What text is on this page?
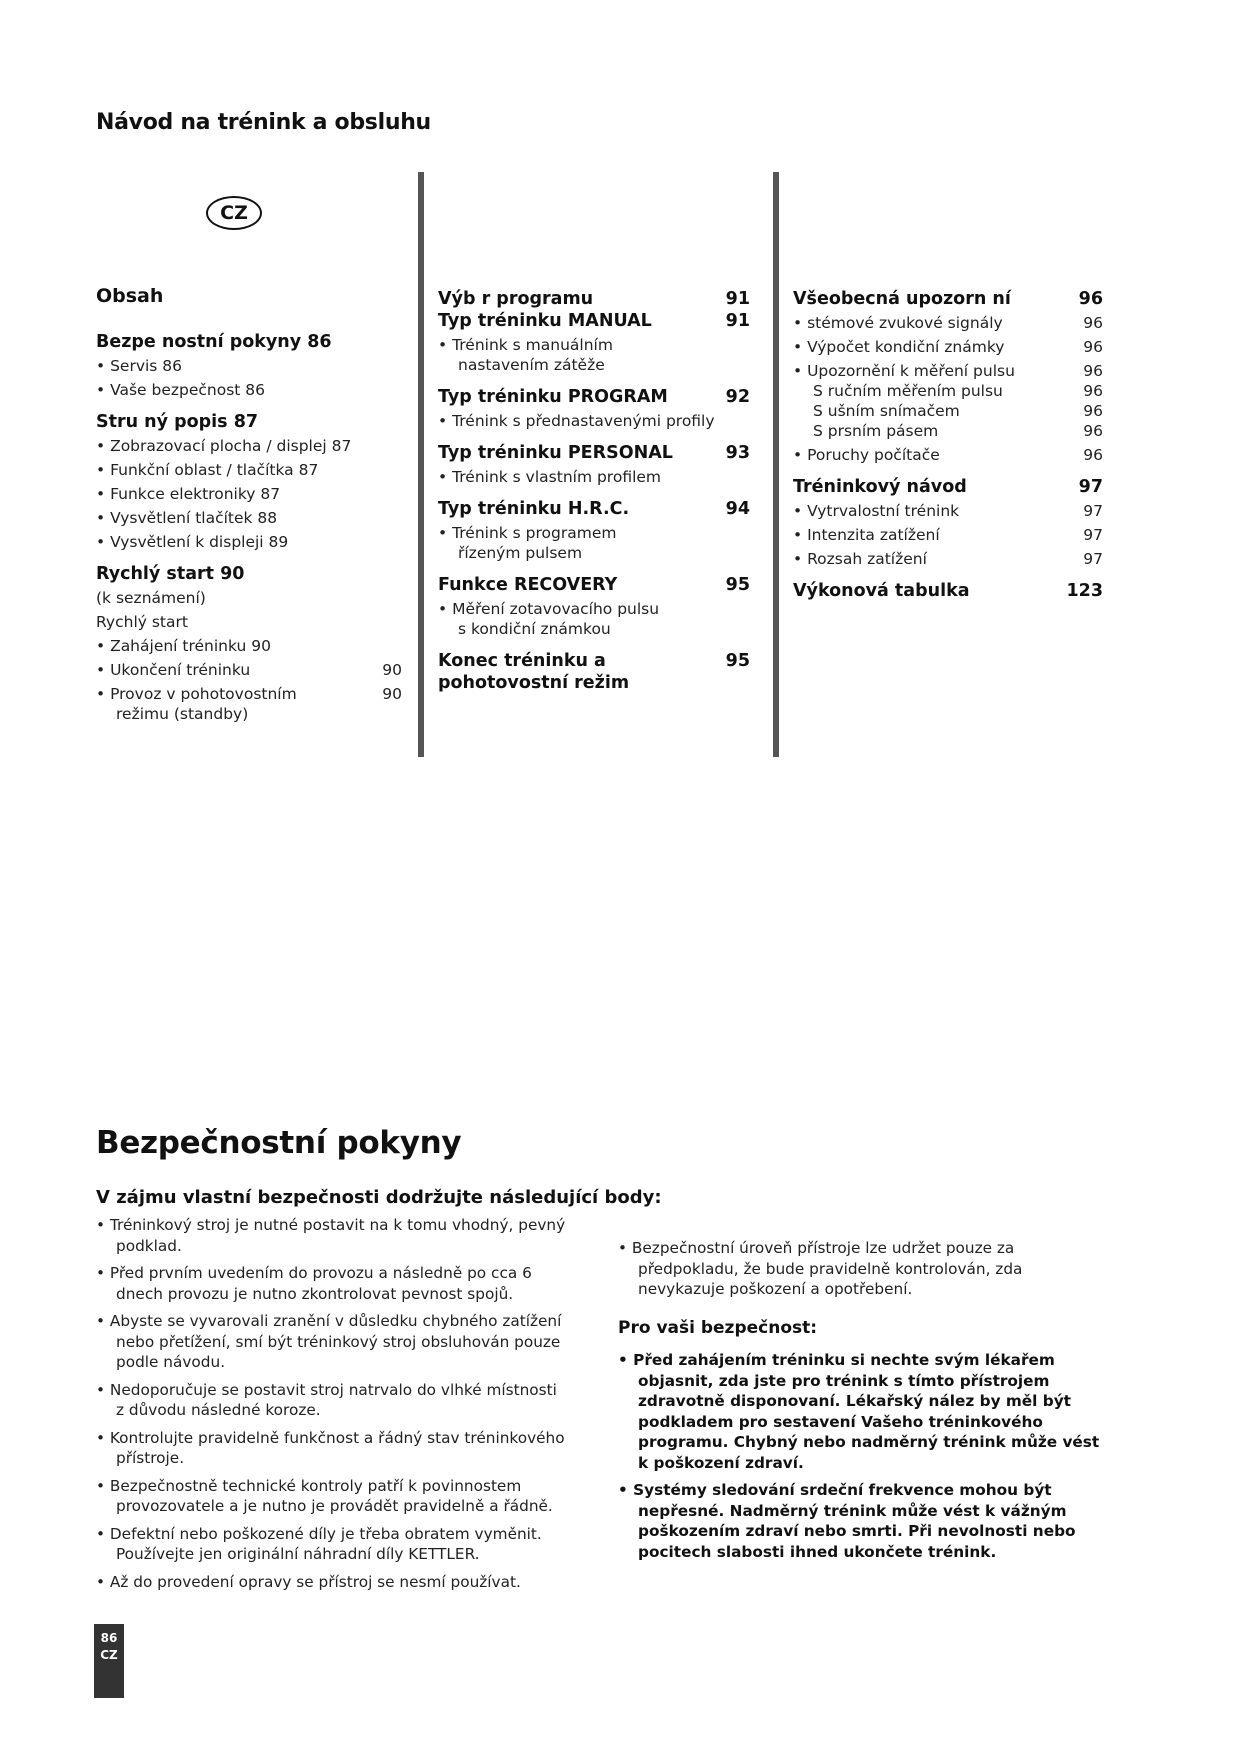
Návod na trénink a obsluhu
CZ
Obsah
Bezpe nostní pokyny 86
• Servis 86
• Vaše bezpečnost 86
Stru ný popis 87
• Zobrazovací plocha / displej 87
• Funkční oblast / tlačítka 87
• Funkce elektroniky 87
• Vysvětlení tlačítek 88
• Vysvětlení k displeji 89
Rychlý start 90
(k seznámení)
Rychlý start
• Zahájení tréninku 90
• Ukončení tréninku	90
• Provoz v pohotovostním	90
režimu (standby)
Výb r programu	91
Typ tréninku MANUAL	91
• Trénink s manuálním
nastavením zátěže
Typ tréninku PROGRAM	92
• Trénink s přednastavenými profily
Typ tréninku PERSONAL	93
• Trénink s vlastním profilem
Typ tréninku H.R.C.	94
• Trénink s programem
řízeným pulsem
Funkce RECOVERY	95
• Měření zotavovacího pulsu
s kondiční známkou
Konec tréninku a	95
pohotovostní režim
Všeobecná upozorn ní	96
• stémové zvukové signály	96
• Výpočet kondiční známky	96
• Upozornění k měření pulsu	96
S ručním měřením pulsu	96
S ušním snímačem	96
S prsním pásem	96
• Poruchy počítače	96
Tréninkový návod	97
• Vytrvalostní trénink	97
• Intenzita zatížení	97
• Rozsah zatížení	97
Výkonová tabulka	123
Bezpečnostní pokyny
V zájmu vlastní bezpečnosti dodržujte následující body:
• Tréninkový stroj je nutné postavit na k tomu vhodný, pevný podklad.
• Před prvním uvedením do provozu a následně po cca 6 dnech provozu je nutno zkontrolovat pevnost spojů.
• Abyste se vyvarovali zranění v důsledku chybného zatížení nebo přetížení, smí být tréninkový stroj obsluhován pouze podle návodu.
• Nedoporučuje se postavit stroj natrvalo do vlhké místnosti z důvodu následné koroze.
• Kontrolujte pravidelně funkčnost a řádný stav tréninkového přístroje.
• Bezpečnostně technické kontroly patří k povinnostem provozovatele a je nutno je provádět pravidelně a řádně.
• Defektní nebo poškozené díly je třeba obratem vyměnit. Používejte jen originální náhradní díly KETTLER.
• Až do provedení opravy se přístroj se nesmí používat.
• Bezpečnostní úroveň přístroje lze udržet pouze za předpokladu, že bude pravidelně kontrolován, zda nevykazuje poškození a opotřebení.
Pro vaši bezpečnost:
• Před zahájením tréninku si nechte svým lékařem objasnit, zda jste pro trénink s tímto přístrojem zdravotně disponovaní. Lékařský nález by měl být podkladem pro sestavení Vašeho tréninkového programu. Chybný nebo nadměrný trénink může vést k poškození zdraví.
• Systémy sledování srdeční frekvence mohou být nepřesné. Nadměrný trénink může vést k vážným poškozením zdraví nebo smrti. Při nevolnosti nebo pocitech slabosti ihned ukončete trénink.
86
CZ
